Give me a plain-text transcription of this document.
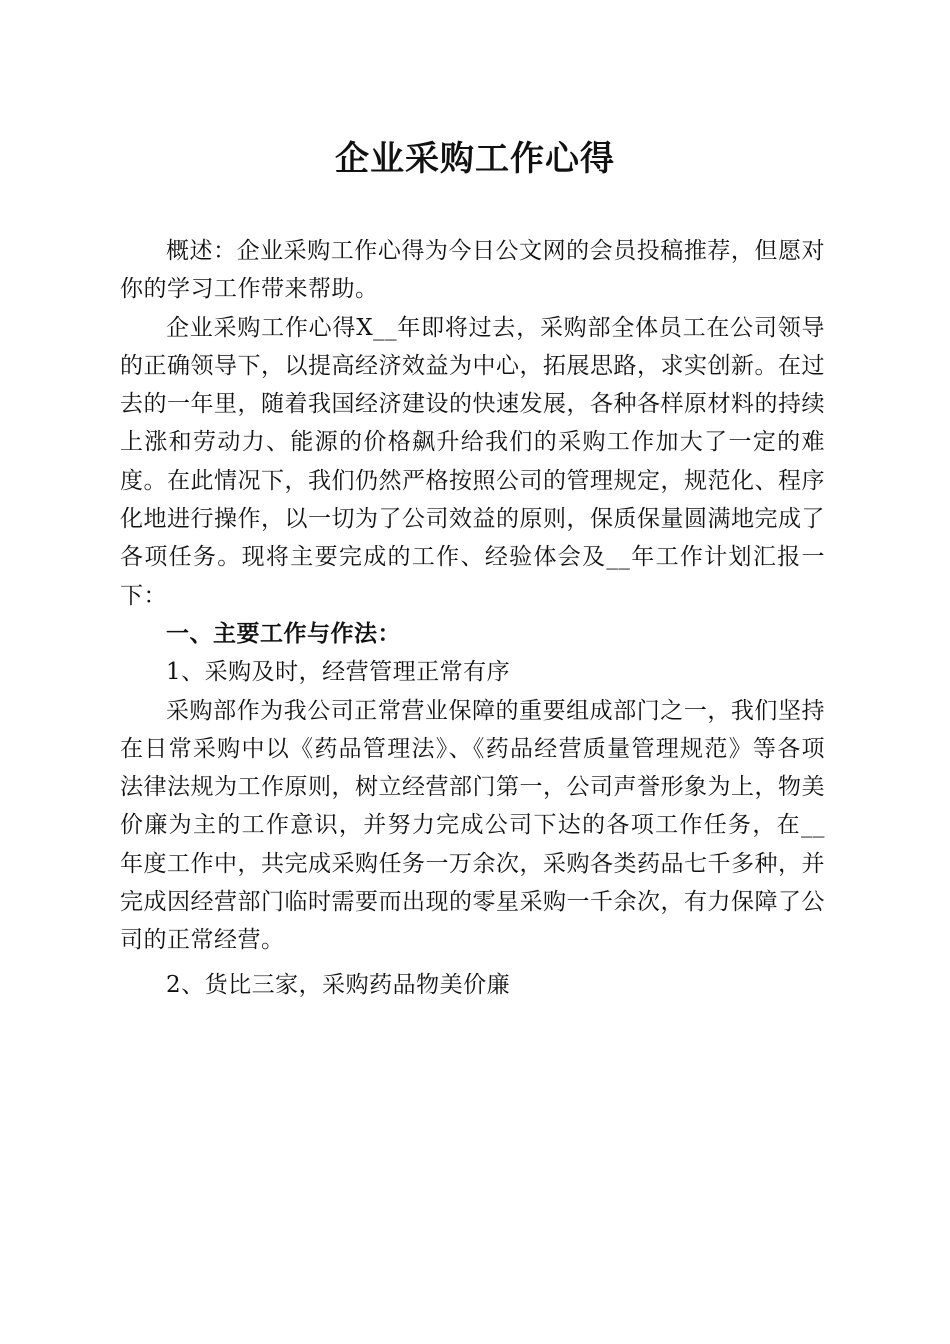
企业采购工作心得

概述：企业采购工作心得为今日公文网的会员投稿推荐，但愿对你的学习工作带来帮助。

企业采购工作心得X__年即将过去，采购部全体员工在公司领导的正确领导下，以提高经济效益为中心，拓展思路，求实创新。在过去的一年里，随着我国经济建设的快速发展，各种各样原材料的持续上涨和劳动力、能源的价格飙升给我们的采购工作加大了一定的难度。在此情况下，我们仍然严格按照公司的管理规定，规范化、程序化地进行操作，以一切为了公司效益的原则，保质保量圆满地完成了各项任务。现将主要完成的工作、经验体会及__年工作计划汇报一下：

一、主要工作与作法：

1、采购及时，经营管理正常有序

采购部作为我公司正常营业保障的重要组成部门之一，我们坚持在日常采购中以《药品管理法》、《药品经营质量管理规范》等各项法律法规为工作原则，树立经营部门第一，公司声誉形象为上，物美价廉为主的工作意识，并努力完成公司下达的各项工作任务，在__年度工作中，共完成采购任务一万余次，采购各类药品七千多种，并完成因经营部门临时需要而出现的零星采购一千余次，有力保障了公司的正常经营。

2、货比三家，采购药品物美价廉
